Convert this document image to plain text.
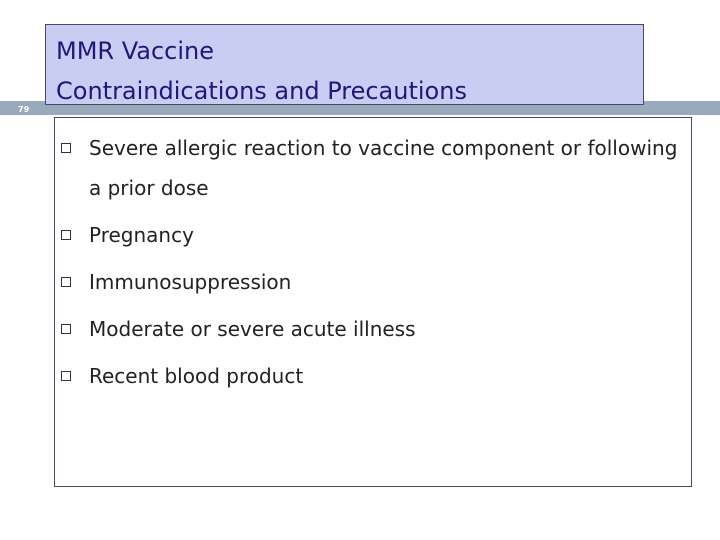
79
MMR Vaccine
Contraindications and Precautions
Severe allergic reaction to vaccine component or following a prior dose
Pregnancy
Immunosuppression
Moderate or severe acute illness
Recent blood product
